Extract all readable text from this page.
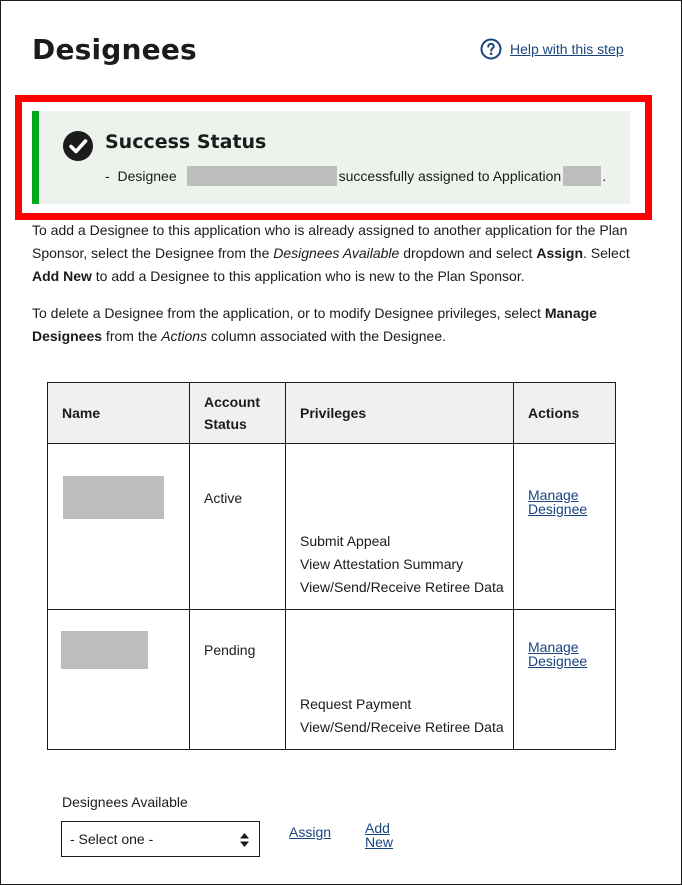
Designees	Help with this step
Success Status
-
Designee	successfully assigned to Application	.

To add a Designee to this application who is already assigned to another application for the Plan Sponsor, select the Designee from the Designees Available dropdown and select Assign. Select Add New to add a Designee to this application who is new to the Plan Sponsor.

To delete a Designee from the application, or to modify Designee privileges, select Manage Designees from the Actions column associated with the Designee.

Name	Account Status	Privileges	Actions

	Active	Submit Appeal
View Attestation Summary
View/Send/Receive Retiree Data	Manage Designee

	Pending	Request Payment
View/Send/Receive Retiree Data	Manage Designee
Designees Available
- Select one -	Assign Add New
